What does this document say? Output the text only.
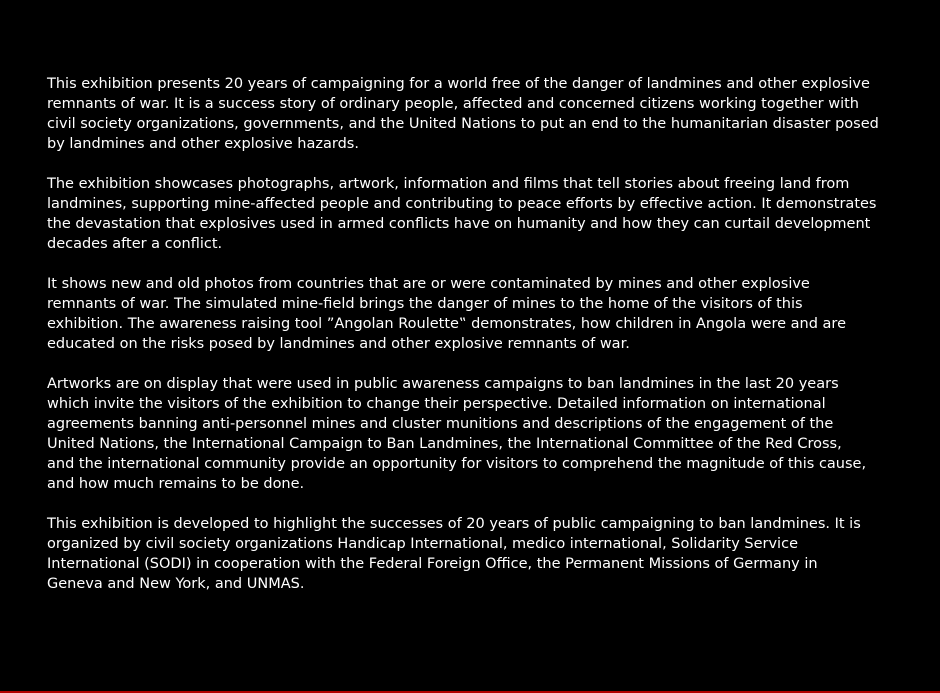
This exhibition presents 20 years of campaigning for a world free of the danger of landmines and other explosive
remnants of war. It is a success story of ordinary people, affected and concerned citizens working together with
civil society organizations, governments, and the United Nations to put an end to the humanitarian disaster posed
by landmines and other explosive hazards.

The exhibition showcases photographs, artwork, information and films that tell stories about freeing land from
landmines, supporting mine-affected people and contributing to peace efforts by effective action. It demonstrates
the devastation that explosives used in armed conflicts have on humanity and how they can curtail development
decades after a conflict.

It shows new and old photos from countries that are or were contaminated by mines and other explosive
remnants of war. The simulated mine-field brings the danger of mines to the home of the visitors of this
exhibition. The awareness raising tool ”Angolan Roulette‟ demonstrates, how children in Angola were and are
educated on the risks posed by landmines and other explosive remnants of war.

Artworks are on display that were used in public awareness campaigns to ban landmines in the last 20 years
which invite the visitors of the exhibition to change their perspective. Detailed information on international
agreements banning anti-personnel mines and cluster munitions and descriptions of the engagement of the
United Nations, the International Campaign to Ban Landmines, the International Committee of the Red Cross,
and the international community provide an opportunity for visitors to comprehend the magnitude of this cause,
and how much remains to be done.

This exhibition is developed to highlight the successes of 20 years of public campaigning to ban landmines. It is
organized by civil society organizations Handicap International, medico international, Solidarity Service
International (SODI) in cooperation with the Federal Foreign Office, the Permanent Missions of Germany in
Geneva and New York, and UNMAS.
